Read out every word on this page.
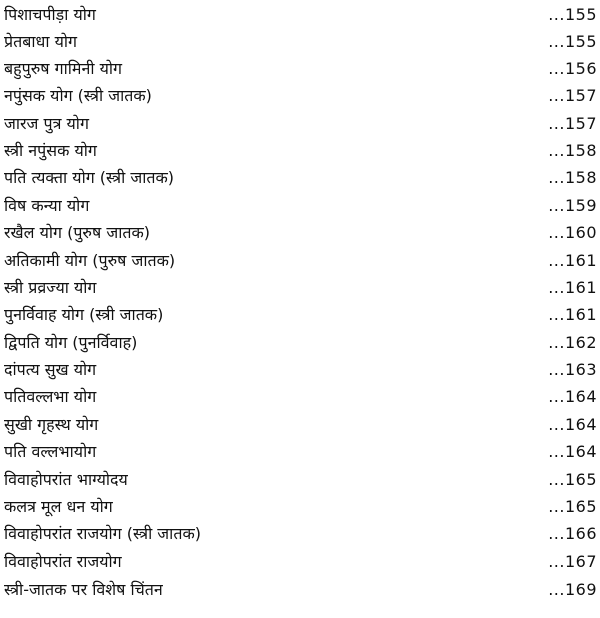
पिशाचपीड़ा योग	...155
प्रेतबाधा योग	...155
बहुपुरुष गामिनी योग	...156
नपुंसक योग (स्त्री जातक)	...157
जारज पुत्र योग	...157
स्त्री नपुंसक योग	...158
पति त्यक्ता योग (स्त्री जातक)	...158
विष कन्या योग	...159
रखैल योग (पुरुष जातक)	...160
अतिकामी योग (पुरुष जातक)	...161
स्त्री प्रव्रज्या योग	...161
पुनर्विवाह योग (स्त्री जातक)	...161
द्विपति योग (पुनर्विवाह)	...162
दांपत्य सुख योग	...163
पतिवल्लभा योग	...164
सुखी गृहस्थ योग	...164
पति वल्लभायोग	...164
विवाहोपरांत भाग्योदय	...165
कलत्र मूल धन योग	...165
विवाहोपरांत राजयोग (स्त्री जातक)	...166
विवाहोपरांत राजयोग	...167
स्त्री-जातक पर विशेष चिंतन	...169
